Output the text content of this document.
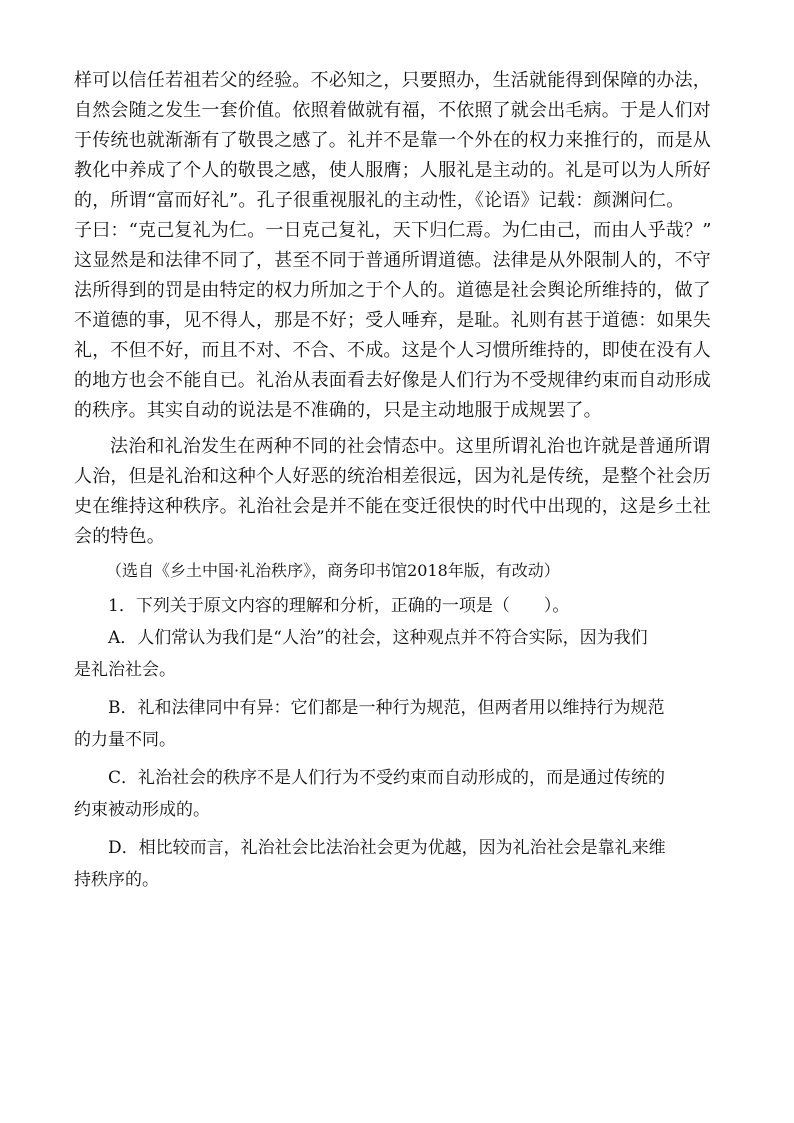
样可以信任若祖若父的经验。不必知之，只要照办，生活就能得到保障的办法，
自然会随之发生一套价值。依照着做就有福，不依照了就会出毛病。于是人们对
于传统也就渐渐有了敬畏之感了。礼并不是靠一个外在的权力来推行的，而是从
教化中养成了个人的敬畏之感，使人服膺；人服礼是主动的。礼是可以为人所好
的，所谓“富而好礼”。孔子很重视服礼的主动性，《论语》记载：颜渊问仁。
子曰：“克己复礼为仁。一日克己复礼，天下归仁焉。为仁由己，而由人乎哉？”
这显然是和法律不同了，甚至不同于普通所谓道德。法律是从外限制人的，不守
法所得到的罚是由特定的权力所加之于个人的。道德是社会舆论所维持的，做了
不道德的事，见不得人，那是不好；受人唾弃，是耻。礼则有甚于道德：如果失
礼，不但不好，而且不对、不合、不成。这是个人习惯所维持的，即使在没有人
的地方也会不能自已。礼治从表面看去好像是人们行为不受规律约束而自动形成
的秩序。其实自动的说法是不准确的，只是主动地服于成规罢了。
法治和礼治发生在两种不同的社会情态中。这里所谓礼治也许就是普通所谓
人治，但是礼治和这种个人好恶的统治相差很远，因为礼是传统，是整个社会历
史在维持这种秩序。礼治社会是并不能在变迁很快的时代中出现的，这是乡土社
会的特色。
（选自《乡土中国·礼治秩序》，商务印书馆2018年版，有改动）
1．下列关于原文内容的理解和分析，正确的一项是（　　）。
　　A．人们常认为我们是“人治”的社会，这种观点并不符合实际，因为我们
是礼治社会。
　　B．礼和法律同中有异：它们都是一种行为规范，但两者用以维持行为规范
的力量不同。
　　C．礼治社会的秩序不是人们行为不受约束而自动形成的，而是通过传统的
约束被动形成的。
　　D．相比较而言，礼治社会比法治社会更为优越，因为礼治社会是靠礼来维
持秩序的。
